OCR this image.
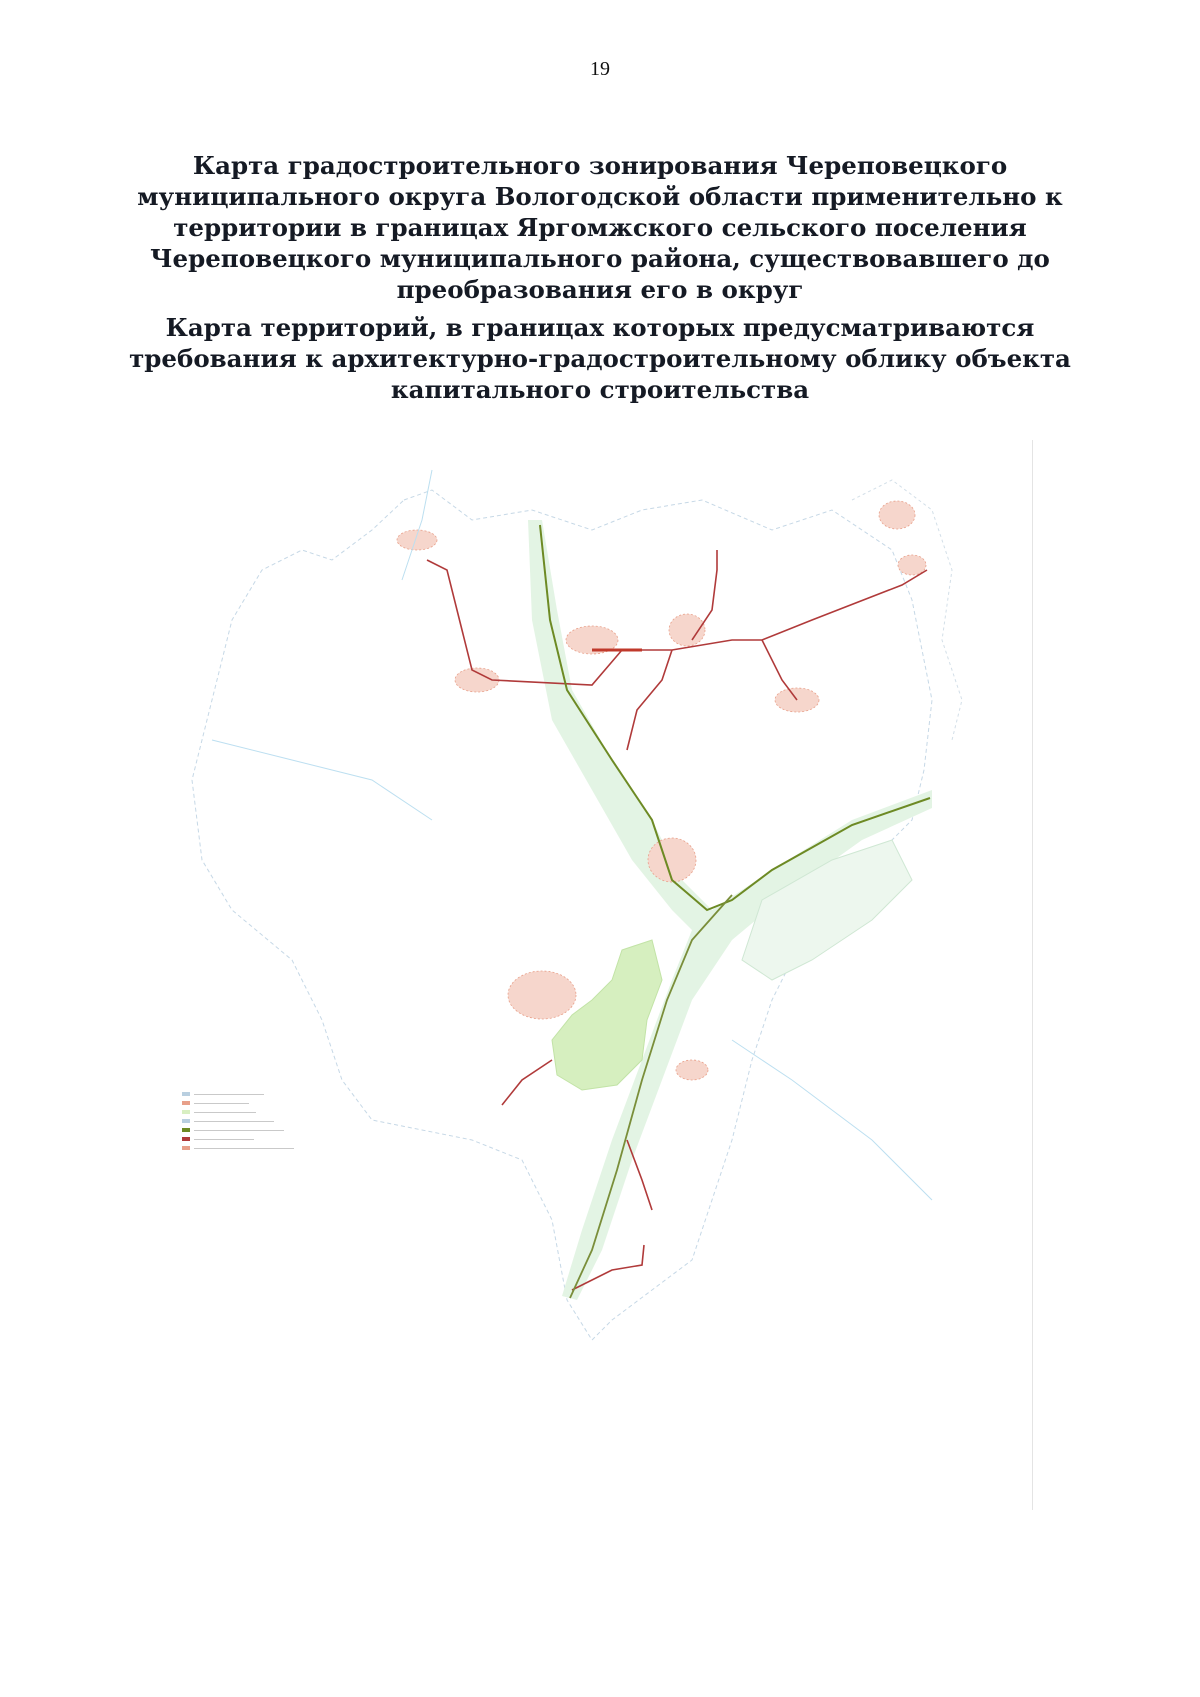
19
Карта градостроительного зонирования Череповецкого муниципального округа Вологодской области применительно к территории в границах Яргомжского сельского поселения Череповецкого муниципального района, существовавшего до преобразования его в округ
Карта территорий, в границах которых предусматриваются требования к архитектурно-градостроительному облику объекта капитального строительства
